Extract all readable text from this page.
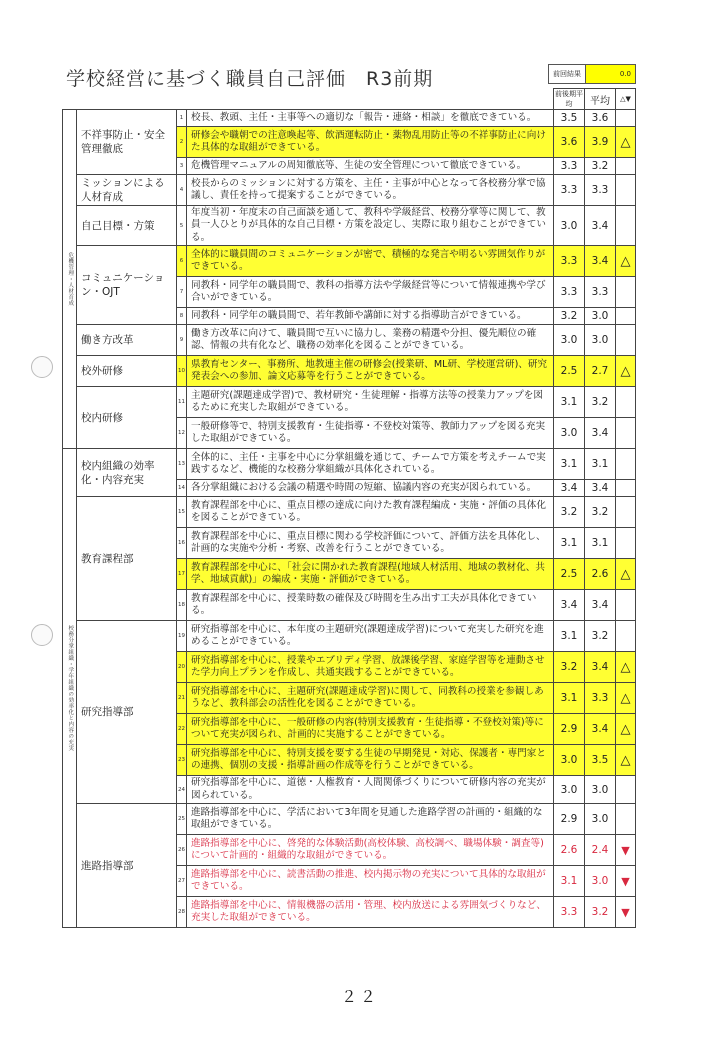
学校経営に基づく職員自己評価　R3前期	前回結果	0.0
				前後期平均	平均	△▼
危機管理・人材育成	不祥事防止・安全管理徹底	1	校長、教頭、主任・主事等への適切な「報告・連絡・相談」を徹底できている。	3.5	3.6	
		2	研修会や職朝での注意喚起等、飲酒運転防止・薬物乱用防止等の不祥事防止に向けた具体的な取組ができている。	3.6	3.9	△
		3	危機管理マニュアルの周知徹底等、生徒の安全管理について徹底できている。	3.3	3.2	
	ミッションによる人材育成	4	校長からのミッションに対する方策を、主任・主事が中心となって各校務分掌で協議し、責任を持って提案することができている。	3.3	3.3	
	自己目標・方策	5	年度当初・年度末の自己面談を通して、教科や学級経営、校務分掌等に関して、教員一人ひとりが具体的な自己目標・方策を設定し、実際に取り組むことができている。	3.0	3.4	
	コミュニケーション・OJT	6	全体的に職員間のコミュニケーションが密で、積極的な発言や明るい雰囲気作りができている。	3.3	3.4	△
		7	同教科・同学年の職員間で、教科の指導方法や学級経営等について情報連携や学び合いができている。	3.3	3.3	
		8	同教科・同学年の職員間で、若年教師や講師に対する指導助言ができている。	3.2	3.0	
	働き方改革	9	働き方改革に向けて、職員間で互いに協力し、業務の精選や分担、優先順位の確認、情報の共有化など、職務の効率化を図ることができている。	3.0	3.0	
	校外研修	10	県教育センター、事務所、地教連主催の研修会(授業研、ML研、学校運営研)、研究発表会への参加、論文応募等を行うことができている。	2.5	2.7	△
	校内研修	11	主題研究(課題達成学習)で、教材研究・生徒理解・指導方法等の授業力アップを図るために充実した取組ができている。	3.1	3.2	
		12	一般研修等で、特別支援教育・生徒指導・不登校対策等、教師力アップを図る充実した取組ができている。	3.0	3.4	
校務分掌組織・学年組織の効率化と内容の充実	校内組織の効率化・内容充実	13	全体的に、主任・主事を中心に分掌組織を通じて、チームで方策を考えチームで実践するなど、機能的な校務分掌組織が具体化されている。	3.1	3.1	
		14	各分掌組織における会議の精選や時間の短縮、協議内容の充実が図られている。	3.4	3.4	
	教育課程部	15	教育課程部を中心に、重点目標の達成に向けた教育課程編成・実施・評価の具体化を図ることができている。	3.2	3.2	
		16	教育課程部を中心に、重点目標に関わる学校評価について、評価方法を具体化し、計画的な実施や分析・考察、改善を行うことができている。	3.1	3.1	
		17	教育課程部を中心に、「社会に開かれた教育課程(地域人材活用、地域の教材化、共学、地域貢献)」の編成・実施・評価ができている。	2.5	2.6	△
		18	教育課程部を中心に、授業時数の確保及び時間を生み出す工夫が具体化できている。	3.4	3.4	
	研究指導部	19	研究指導部を中心に、本年度の主題研究(課題達成学習)について充実した研究を進めることができている。	3.1	3.2	
		20	研究指導部を中心に、授業やエブリディ学習、放課後学習、家庭学習等を連動させた学力向上プランを作成し、共通実践することができている。	3.2	3.4	△
		21	研究指導部を中心に、主題研究(課題達成学習)に関して、同教科の授業を参観しあうなど、教科部会の活性化を図ることができている。	3.1	3.3	△
		22	研究指導部を中心に、一般研修の内容(特別支援教育・生徒指導・不登校対策)等について充実が図られ、計画的に実施することができている。	2.9	3.4	△
		23	研究指導部を中心に、特別支援を要する生徒の早期発見・対応、保護者・専門家との連携、個別の支援・指導計画の作成等を行うことができている。	3.0	3.5	△
		24	研究指導部を中心に、道徳・人権教育・人間関係づくりについて研修内容の充実が図られている。	3.0	3.0	
	進路指導部	25	進路指導部を中心に、学活において3年間を見通した進路学習の計画的・組織的な取組ができている。	2.9	3.0	
		26	進路指導部を中心に、啓発的な体験活動(高校体験、高校調べ、職場体験・調査等)について計画的・組織的な取組ができている。	2.6	2.4	▼
		27	進路指導部を中心に、読書活動の推進、校内掲示物の充実について具体的な取組ができている。	3.1	3.0	▼
		28	進路指導部を中心に、情報機器の活用・管理、校内放送による雰囲気づくりなど、充実した取組ができている。	3.3	3.2	▼
２２
